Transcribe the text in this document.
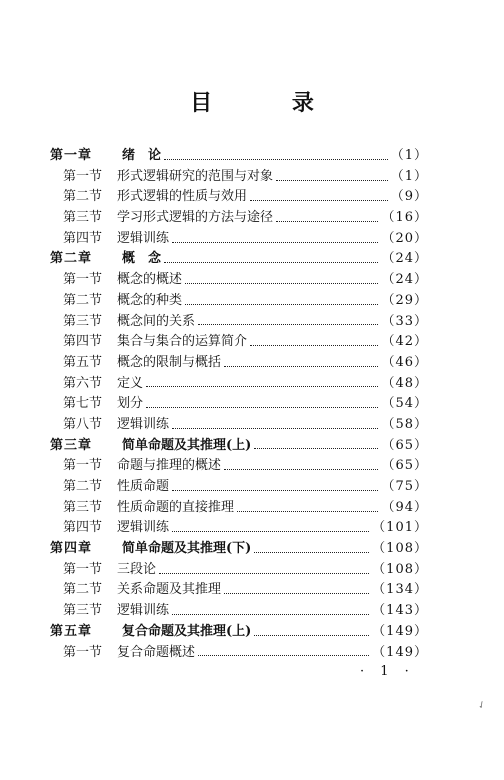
目 录
第一章	绪　论	（1）
第一节	形式逻辑研究的范围与对象	（1）
第二节	形式逻辑的性质与效用	（9）
第三节	学习形式逻辑的方法与途径	（16）
第四节	逻辑训练	（20）
第二章	概　念	（24）
第一节	概念的概述	（24）
第二节	概念的种类	（29）
第三节	概念间的关系	（33）
第四节	集合与集合的运算简介	（42）
第五节	概念的限制与概括	（46）
第六节	定义	（48）
第七节	划分	（54）
第八节	逻辑训练	（58）
第三章	简单命题及其推理(上)	（65）
第一节	命题与推理的概述	（65）
第二节	性质命题	（75）
第三节	性质命题的直接推理	（94）
第四节	逻辑训练	（101）
第四章	简单命题及其推理(下)	（108）
第一节	三段论	（108）
第二节	关系命题及其推理	（134）
第三节	逻辑训练	（143）
第五章	复合命题及其推理(上)	（149）
第一节	复合命题概述	（149）
· 1 ·
✓
